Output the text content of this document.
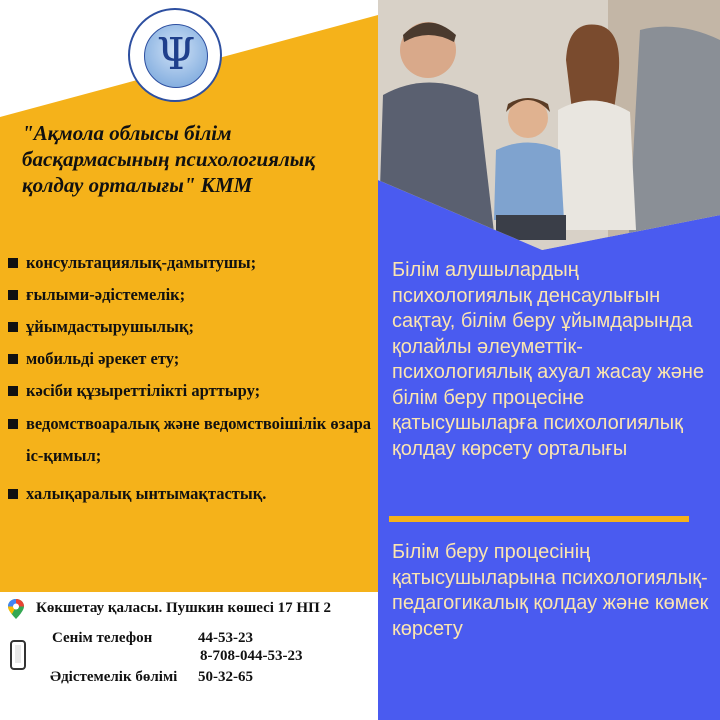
Ψ
"Ақмола облысы білім басқармасының психологиялық қолдау орталығы" КММ
консультациялық-дамытушы;
ғылыми-әдістемелік;
ұйымдастырушылық;
мобильді әрекет ету;
кәсіби құзыреттілікті арттыру;
ведомствоаралық және ведомствоішілік өзара іс-қимыл;
халықаралық ынтымақтастық.
Білім алушылардың психологиялық денсаулығын сақтау, білім беру ұйымдарында қолайлы әлеуметтік-психологиялық ахуал жасау және білім беру процесіне қатысушыларға психологиялық қолдау көрсету орталығы
Білім беру процесінің қатысушыларына психологиялық-педагогикалық қолдау және көмек көрсету
Көкшетау қаласы. Пушкин көшесі 17 НП 2
Сенім телефон	44-53-23
8-708-044-53-23
Әдістемелік бөлімі 50-32-65
